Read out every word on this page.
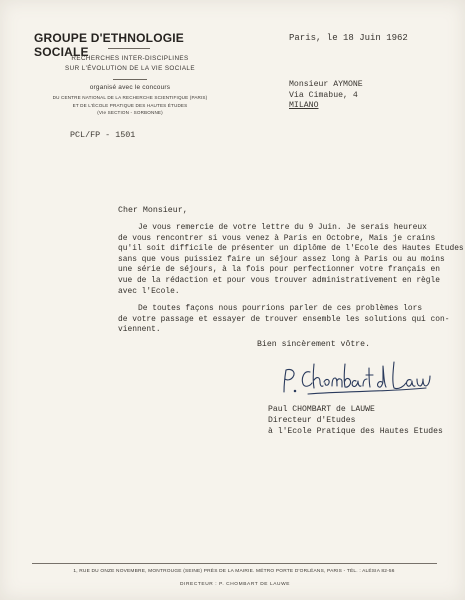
GROUPE D'ETHNOLOGIE SOCIALE
RECHERCHES INTER-DISCIPLINES
SUR L'ÉVOLUTION DE LA VIE SOCIALE
organisé avec le concours
DU CENTRE NATIONAL DE LA RECHERCHE SCIENTIFIQUE (PARIS)
ET DE L'ÉCOLE PRATIQUE DES HAUTES ÉTUDES
(VIe SECTION - SORBONNE)
PCL/FP - 1501
Paris, le 18 Juin 1962
Monsieur AYMONE
Via Cimabue, 4
MILANO
Cher Monsieur,
Je vous remercie de votre lettre du 9 Juin. Je serais heureux
de vous rencontrer si vous venez à Paris en Octobre, Mais je crains
qu'il soit difficile de présenter un diplôme de l'Ecole des Hautes Etudes
sans que vous puissiez faire un séjour assez long à Paris ou au moins
une série de séjours, à la fois pour perfectionner votre français en
vue de la rédaction et pour vous trouver administrativement en règle
avec l'Ecole.
De toutes façons nous pourrions parler de ces problèmes lors
de votre passage et essayer de trouver ensemble les solutions qui con-
viennent.
Bien sincèrement vôtre.
Paul CHOMBART de LAUWE
Directeur d'Etudes
à l'Ecole Pratique des Hautes Etudes
1, RUE DU ONZE NOVEMBRE, MONTROUGE (SEINE) PRÈS DE LA MAIRIE. MÉTRO PORTE D'ORLÉANS, PARIS - TÉL. : ALÉSIA 82-56
DIRECTEUR : P. CHOMBART DE LAUWE
